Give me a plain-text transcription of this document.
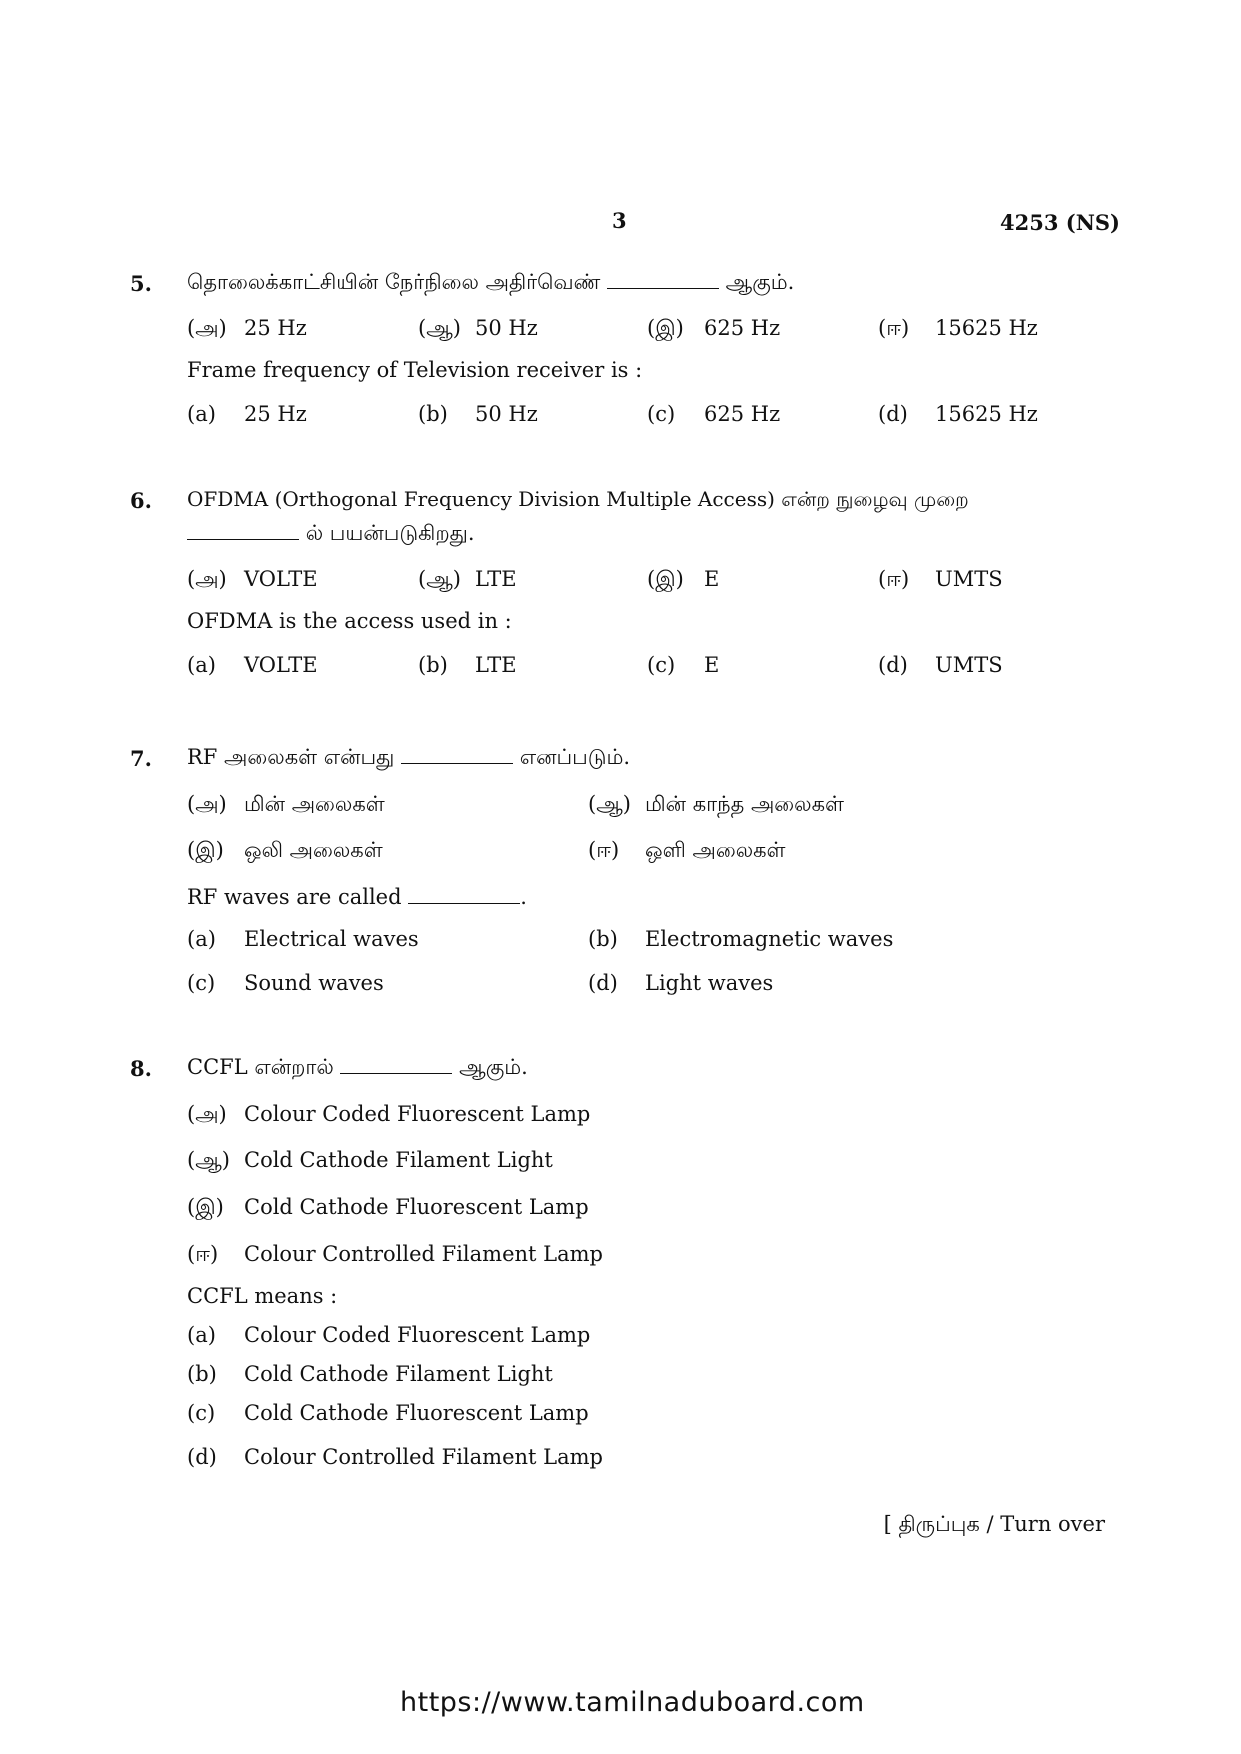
3	4253 (NS)
5. தொலைக்காட்சியின் நேர்நிலை அதிர்வெண்	ஆகும்.
(அ) 25 Hz	(ஆ) 50 Hz	(இ) 625 Hz	(ஈ) 15625 Hz
Frame frequency of Television receiver is :
(a) 25 Hz	(b) 50 Hz	(c) 625 Hz	(d) 15625 Hz
6. OFDMA (Orthogonal Frequency Division Multiple Access) என்ற நுழைவு முறை
ல் பயன்படுகிறது.
(அ) VOLTE	(ஆ) LTE	(இ) E	(ஈ) UMTS
OFDMA is the access used in :
(a) VOLTE	(b) LTE	(c) E	(d) UMTS
7. RF அலைகள் என்பது	எனப்படும்.
(அ) மின் அலைகள்	(ஆ) மின் காந்த அலைகள்
(இ) ஒலி அலைகள்	(ஈ) ஒளி அலைகள்
RF waves are called	.
(a) Electrical waves	(b) Electromagnetic waves
(c) Sound waves	(d) Light waves
8. CCFL என்றால்	ஆகும்.
(அ) Colour Coded Fluorescent Lamp
(ஆ) Cold Cathode Filament Light
(இ) Cold Cathode Fluorescent Lamp
(ஈ) Colour Controlled Filament Lamp
CCFL means :
(a) Colour Coded Fluorescent Lamp
(b) Cold Cathode Filament Light
(c) Cold Cathode Fluorescent Lamp
(d) Colour Controlled Filament Lamp
[ திருப்புக / Turn over
https://www.tamilnaduboard.com
